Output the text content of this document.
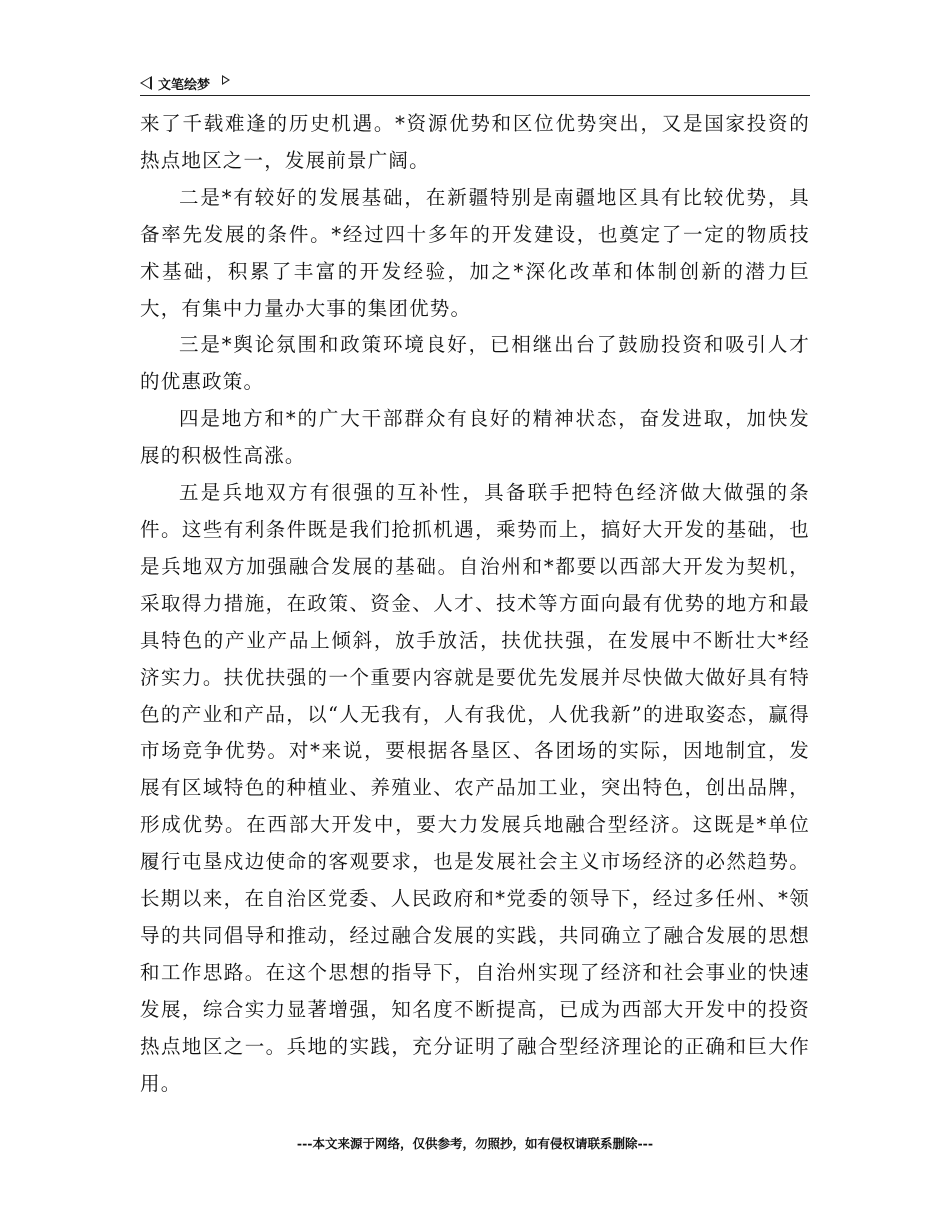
文笔绘梦

来了千载难逢的历史机遇。*资源优势和区位优势突出，又是国家投资的热点地区之一，发展前景广阔。

二是*有较好的发展基础，在新疆特别是南疆地区具有比较优势，具备率先发展的条件。*经过四十多年的开发建设，也奠定了一定的物质技术基础，积累了丰富的开发经验，加之*深化改革和体制创新的潜力巨大，有集中力量办大事的集团优势。

三是*舆论氛围和政策环境良好，已相继出台了鼓励投资和吸引人才的优惠政策。

四是地方和*的广大干部群众有良好的精神状态，奋发进取，加快发展的积极性高涨。

五是兵地双方有很强的互补性，具备联手把特色经济做大做强的条件。这些有利条件既是我们抢抓机遇，乘势而上，搞好大开发的基础，也是兵地双方加强融合发展的基础。自治州和*都要以西部大开发为契机，采取得力措施，在政策、资金、人才、技术等方面向最有优势的地方和最具特色的产业产品上倾斜，放手放活，扶优扶强，在发展中不断壮大*经济实力。扶优扶强的一个重要内容就是要优先发展并尽快做大做好具有特色的产业和产品，以“人无我有，人有我优，人优我新”的进取姿态，赢得市场竞争优势。对*来说，要根据各垦区、各团场的实际，因地制宜，发展有区域特色的种植业、养殖业、农产品加工业，突出特色，创出品牌，形成优势。在西部大开发中，要大力发展兵地融合型经济。这既是*单位履行屯垦戍边使命的客观要求，也是发展社会主义市场经济的必然趋势。长期以来，在自治区党委、人民政府和*党委的领导下，经过多任州、*领导的共同倡导和推动，经过融合发展的实践，共同确立了融合发展的思想和工作思路。在这个思想的指导下，自治州实现了经济和社会事业的快速发展，综合实力显著增强，知名度不断提高，已成为西部大开发中的投资热点地区之一。兵地的实践，充分证明了融合型经济理论的正确和巨大作用。

---本文来源于网络，仅供参考，勿照抄，如有侵权请联系删除---
